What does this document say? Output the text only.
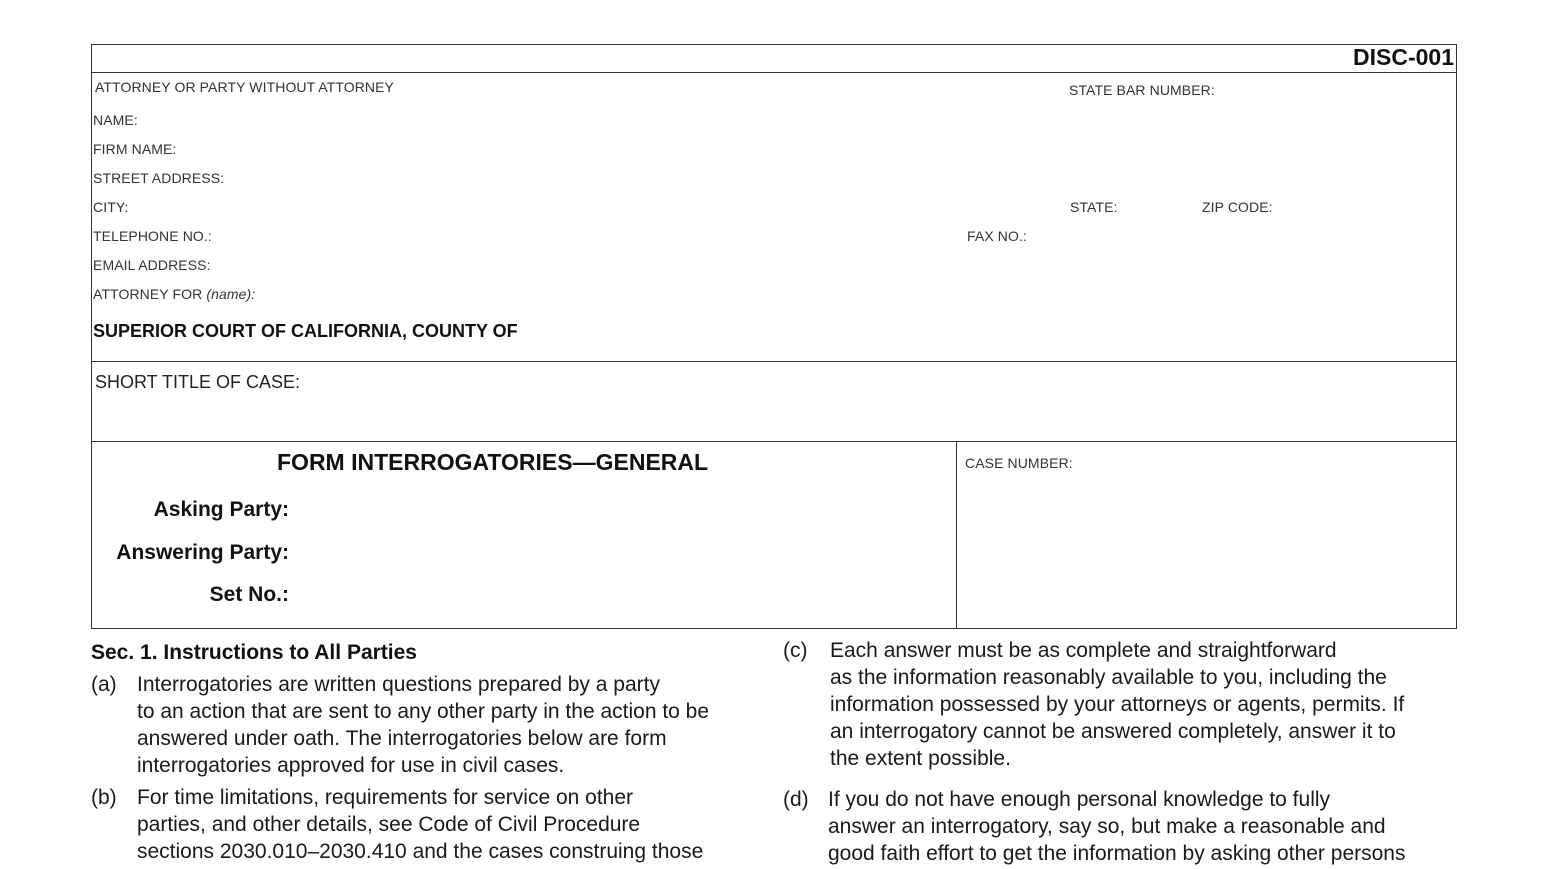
DISC-001
ATTORNEY OR PARTY WITHOUT ATTORNEY	STATE BAR NUMBER:
NAME:
FIRM NAME:
STREET ADDRESS:
CITY:	STATE:	ZIP CODE:
TELEPHONE NO.:	FAX NO.:
EMAIL ADDRESS:
ATTORNEY FOR (name):
SUPERIOR COURT OF CALIFORNIA, COUNTY OF
SHORT TITLE OF CASE:
FORM INTERROGATORIES—GENERAL
Asking Party:
Answering Party:
Set No.:
CASE NUMBER:
Sec. 1. Instructions to All Parties
(a) Interrogatories are written questions prepared by a party
to an action that are sent to any other party in the action to be
answered under oath. The interrogatories below are form
interrogatories approved for use in civil cases.
(b) For time limitations, requirements for service on other
parties, and other details, see Code of Civil Procedure
sections 2030.010–2030.410 and the cases construing those
(c) Each answer must be as complete and straightforward
as the information reasonably available to you, including the
information possessed by your attorneys or agents, permits. If
an interrogatory cannot be answered completely, answer it to
the extent possible.
(d) If you do not have enough personal knowledge to fully
answer an interrogatory, say so, but make a reasonable and
good faith effort to get the information by asking other persons
